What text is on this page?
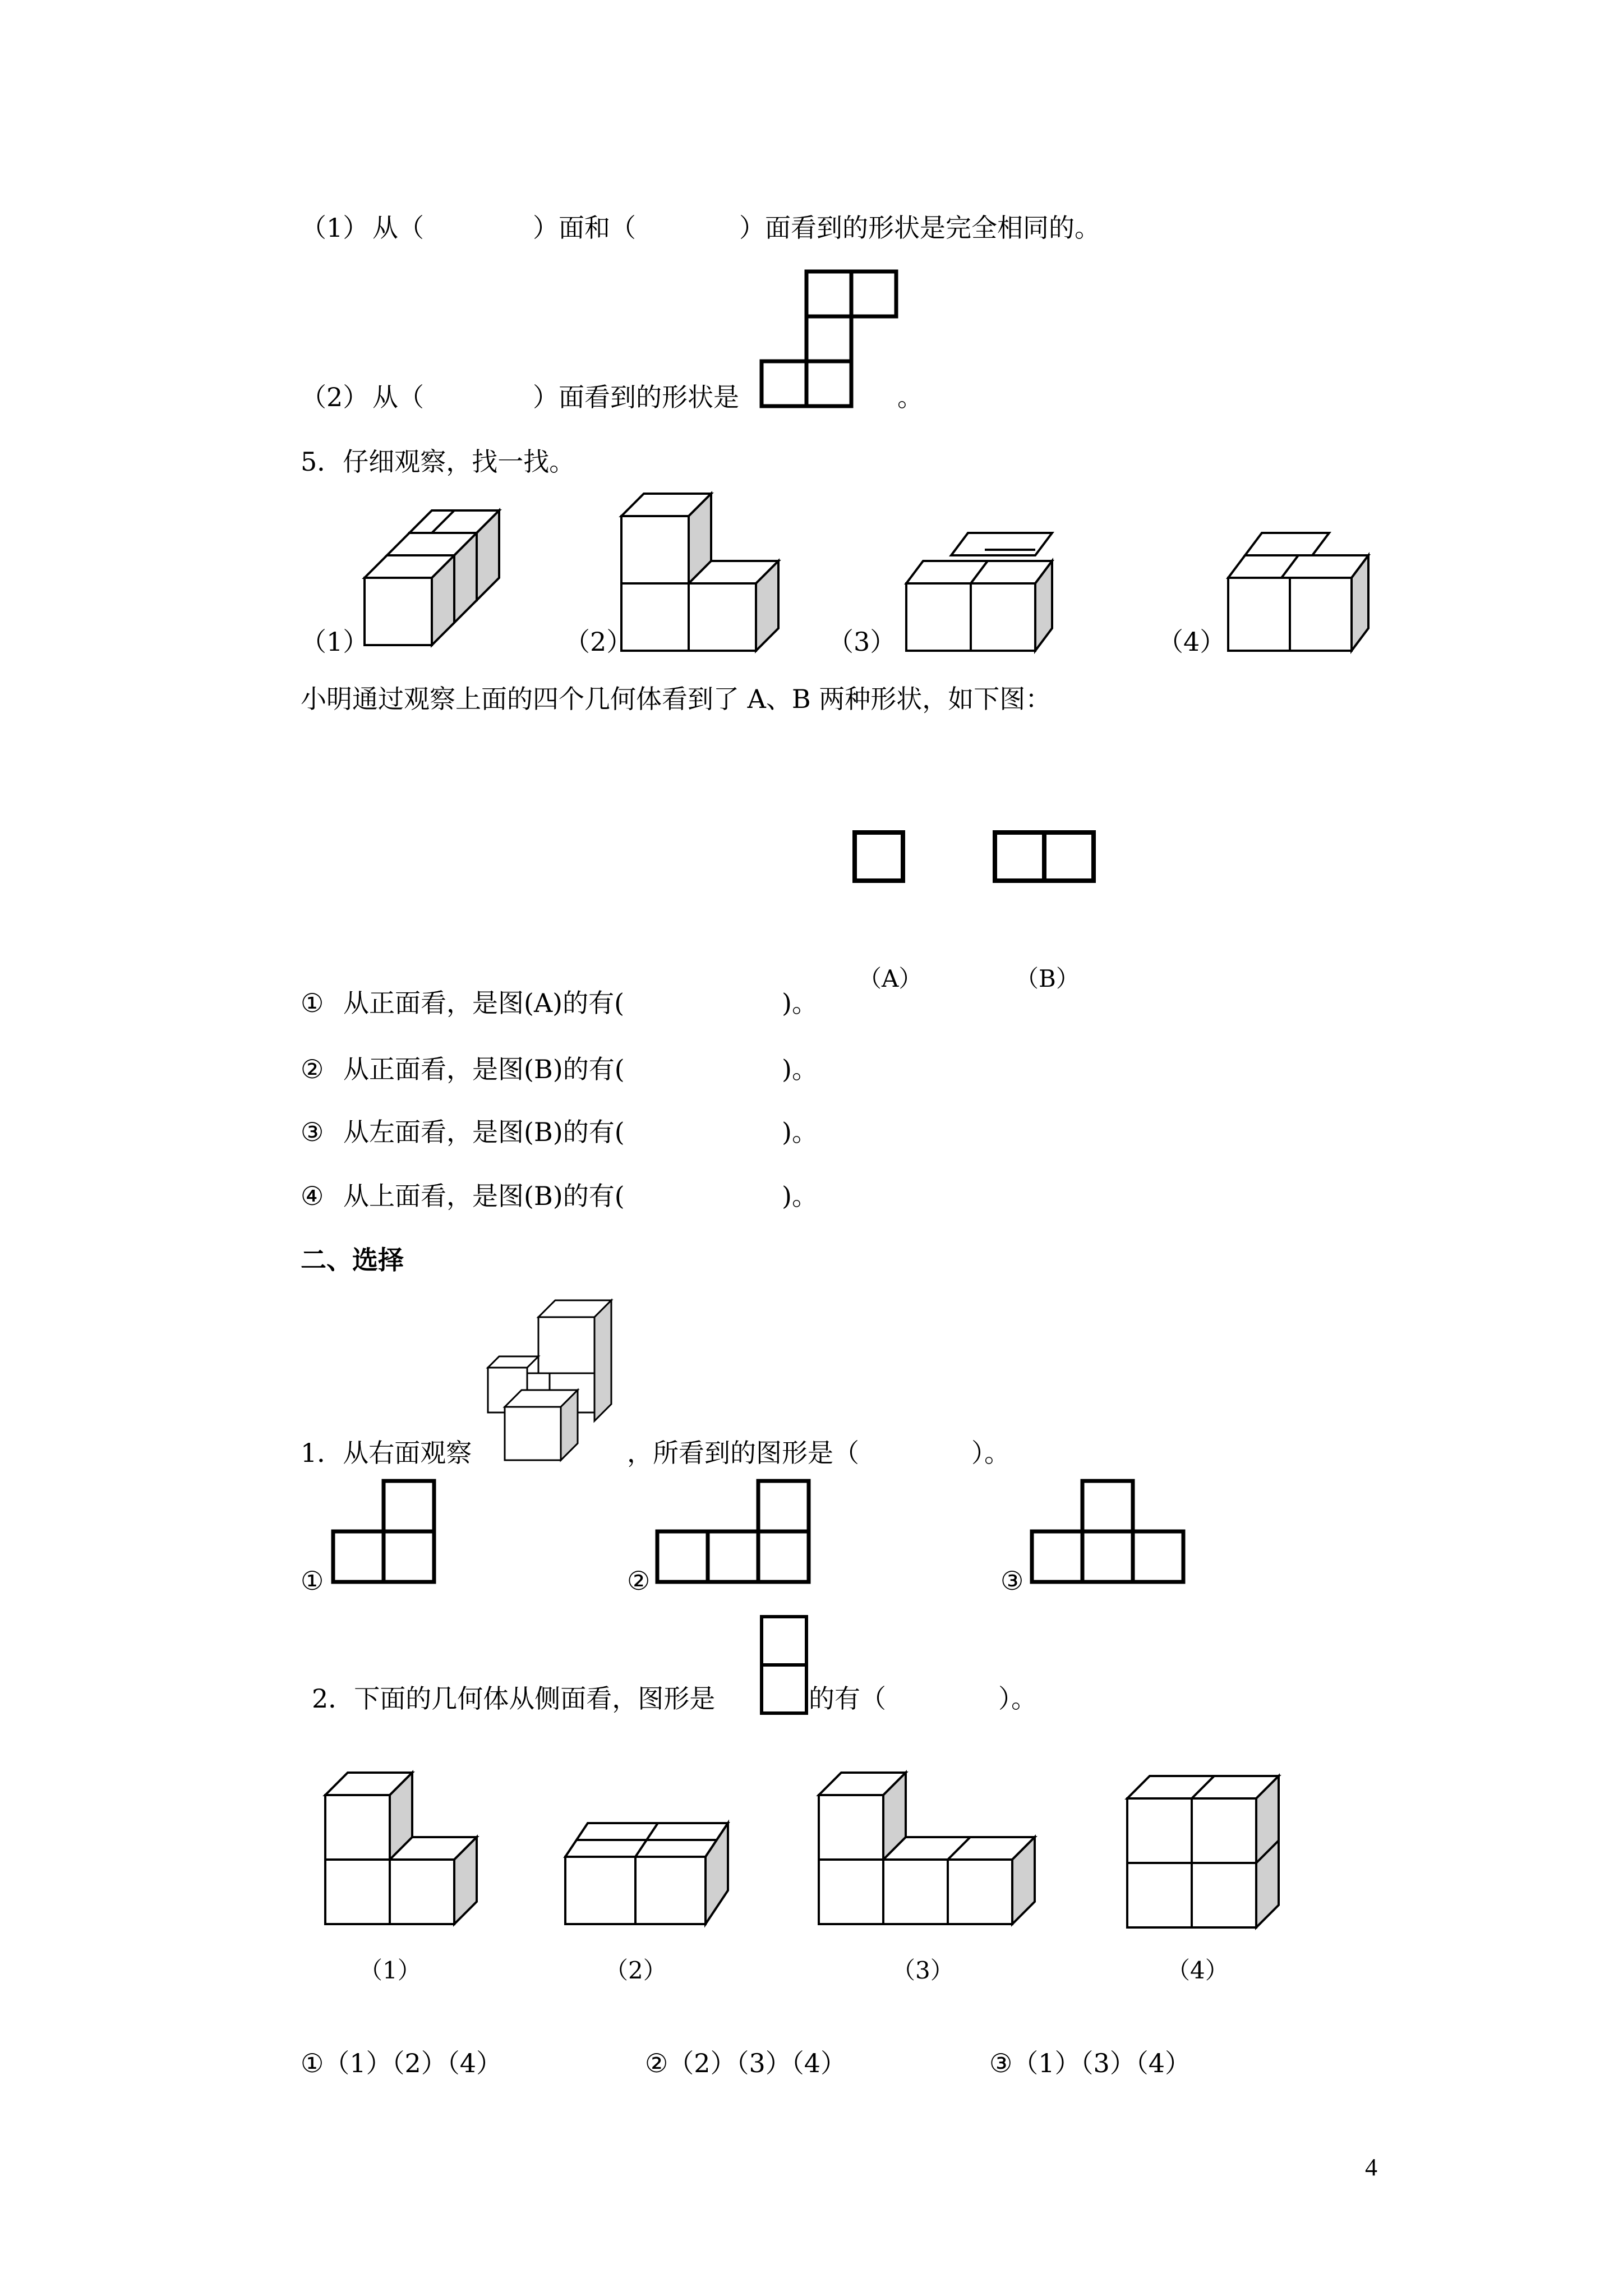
（1） 从（	）面和（	）面看到的形状是完全相同的。
（2） 从（	）面看到的形状是	。
5．仔细观察，找一找。
（1）	（2）	（3）	（4）
小明通过观察上面的四个几何体看到了 A、B 两种形状，如下图：
（A）	（B）
① 从正面看，是图(A)的有(	)。
② 从正面看，是图(B)的有(	)。
③ 从左面看，是图(B)的有(	)。
④ 从上面看，是图(B)的有(	)。
二、选择
1．从右面观察	，所看到的图形是（	）。
①	②	③
2．下面的几何体从侧面看，图形是	的有（	）。
（1）	（2）	（3）	（4）
①（1）（2）（4）	②（2）（3）（4）	③（1）（3）（4）
4
